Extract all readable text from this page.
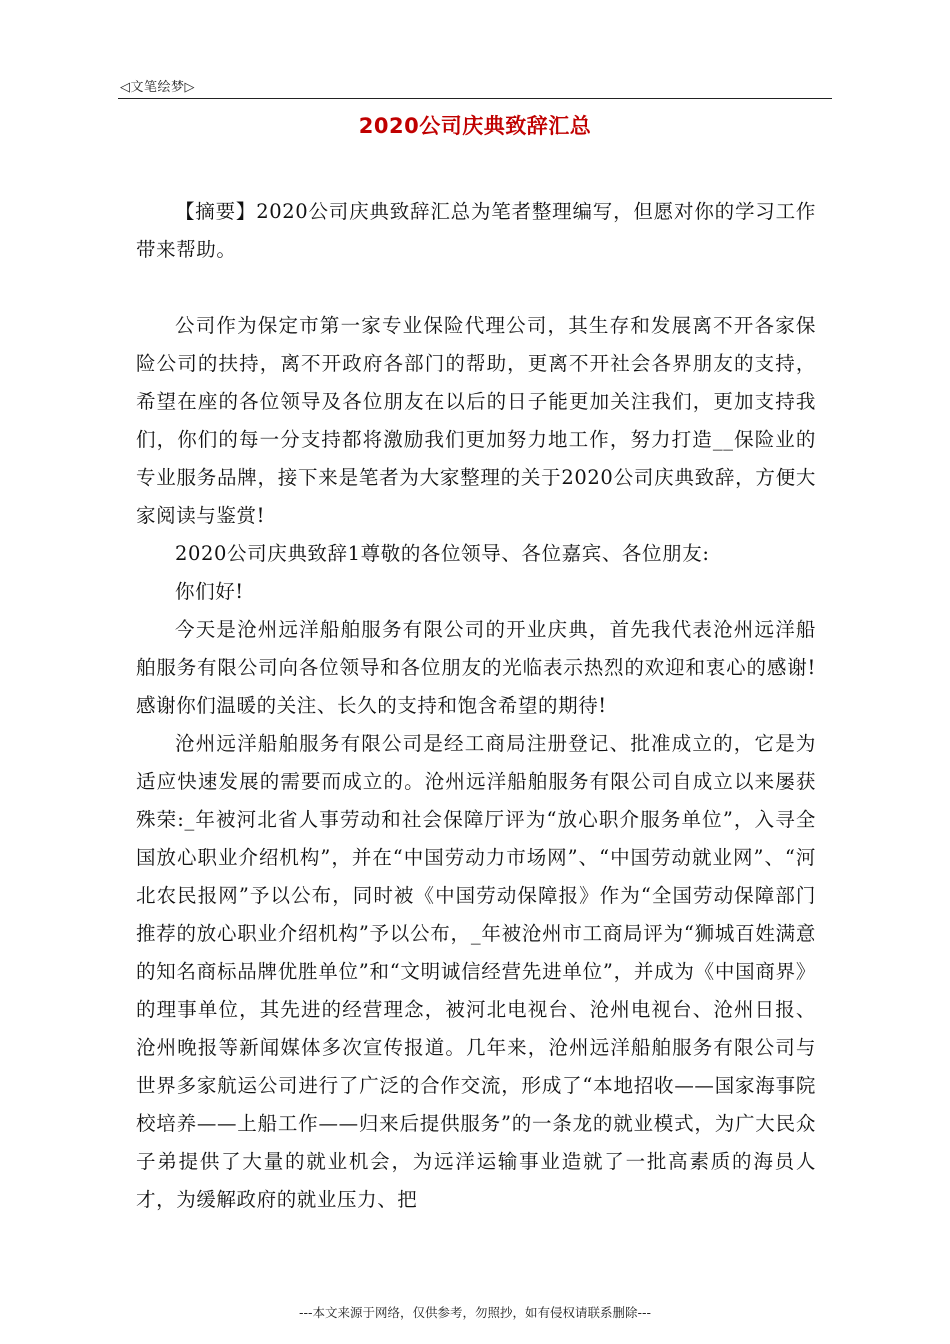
◁文笔绘梦▷
2020公司庆典致辞汇总

【摘要】2020公司庆典致辞汇总为笔者整理编写，但愿对你的学习工作带来帮助。

公司作为保定市第一家专业保险代理公司，其生存和发展离不开各家保险公司的扶持，离不开政府各部门的帮助，更离不开社会各界朋友的支持，希望在座的各位领导及各位朋友在以后的日子能更加关注我们，更加支持我们，你们的每一分支持都将激励我们更加努力地工作，努力打造__保险业的专业服务品牌，接下来是笔者为大家整理的关于2020公司庆典致辞，方便大家阅读与鉴赏!

2020公司庆典致辞1尊敬的各位领导、各位嘉宾、各位朋友:

你们好!

今天是沧州远洋船舶服务有限公司的开业庆典，首先我代表沧州远洋船舶服务有限公司向各位领导和各位朋友的光临表示热烈的欢迎和衷心的感谢!感谢你们温暖的关注、长久的支持和饱含希望的期待!

沧州远洋船舶服务有限公司是经工商局注册登记、批准成立的，它是为适应快速发展的需要而成立的。沧州远洋船舶服务有限公司自成立以来屡获殊荣:_年被河北省人事劳动和社会保障厅评为“放心职介服务单位”，入寻全国放心职业介绍机构”，并在“中国劳动力市场网”、“中国劳动就业网”、“河北农民报网”予以公布，同时被《中国劳动保障报》作为“全国劳动保障部门推荐的放心职业介绍机构”予以公布，_年被沧州市工商局评为“狮城百姓满意的知名商标品牌优胜单位”和“文明诚信经营先进单位”，并成为《中国商界》的理事单位，其先进的经营理念，被河北电视台、沧州电视台、沧州日报、沧州晚报等新闻媒体多次宣传报道。几年来，沧州远洋船舶服务有限公司与世界多家航运公司进行了广泛的合作交流，形成了“本地招收——国家海事院校培养——上船工作——归来后提供服务”的一条龙的就业模式，为广大民众子弟提供了大量的就业机会，为远洋运输事业造就了一批高素质的海员人才，为缓解政府的就业压力、把

---本文来源于网络，仅供参考，勿照抄，如有侵权请联系删除---
